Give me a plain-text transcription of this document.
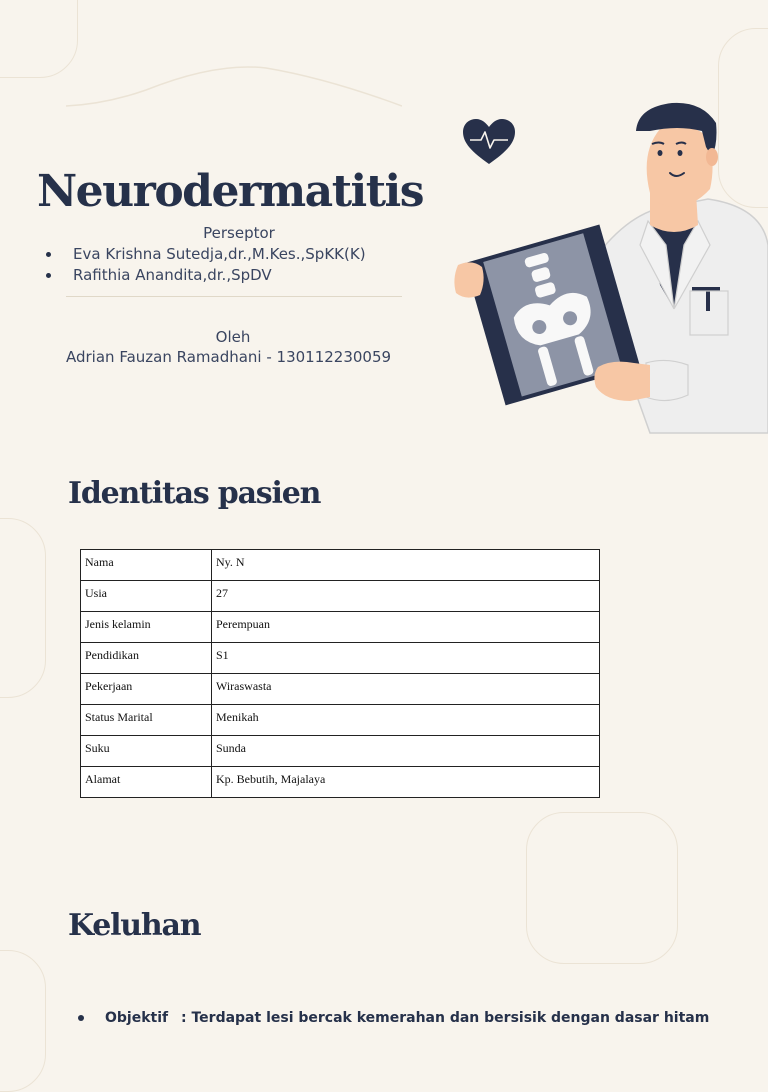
Neurodermatitis
Perseptor
Eva Krishna Sutedja,dr.,M.Kes.,SpKK(K)
Rafithia Anandita,dr.,SpDV
Oleh
Adrian Fauzan Ramadhani - 130112230059
Identitas pasien
Nama	Ny. N
Usia	27
Jenis kelamin	Perempuan
Pendidikan	S1
Pekerjaan	Wiraswasta
Status Marital	Menikah
Suku	Sunda
Alamat	Kp. Bebutih, Majalaya
Keluhan
Objektif : Terdapat lesi bercak kemerahan dan bersisik dengan dasar hitam
